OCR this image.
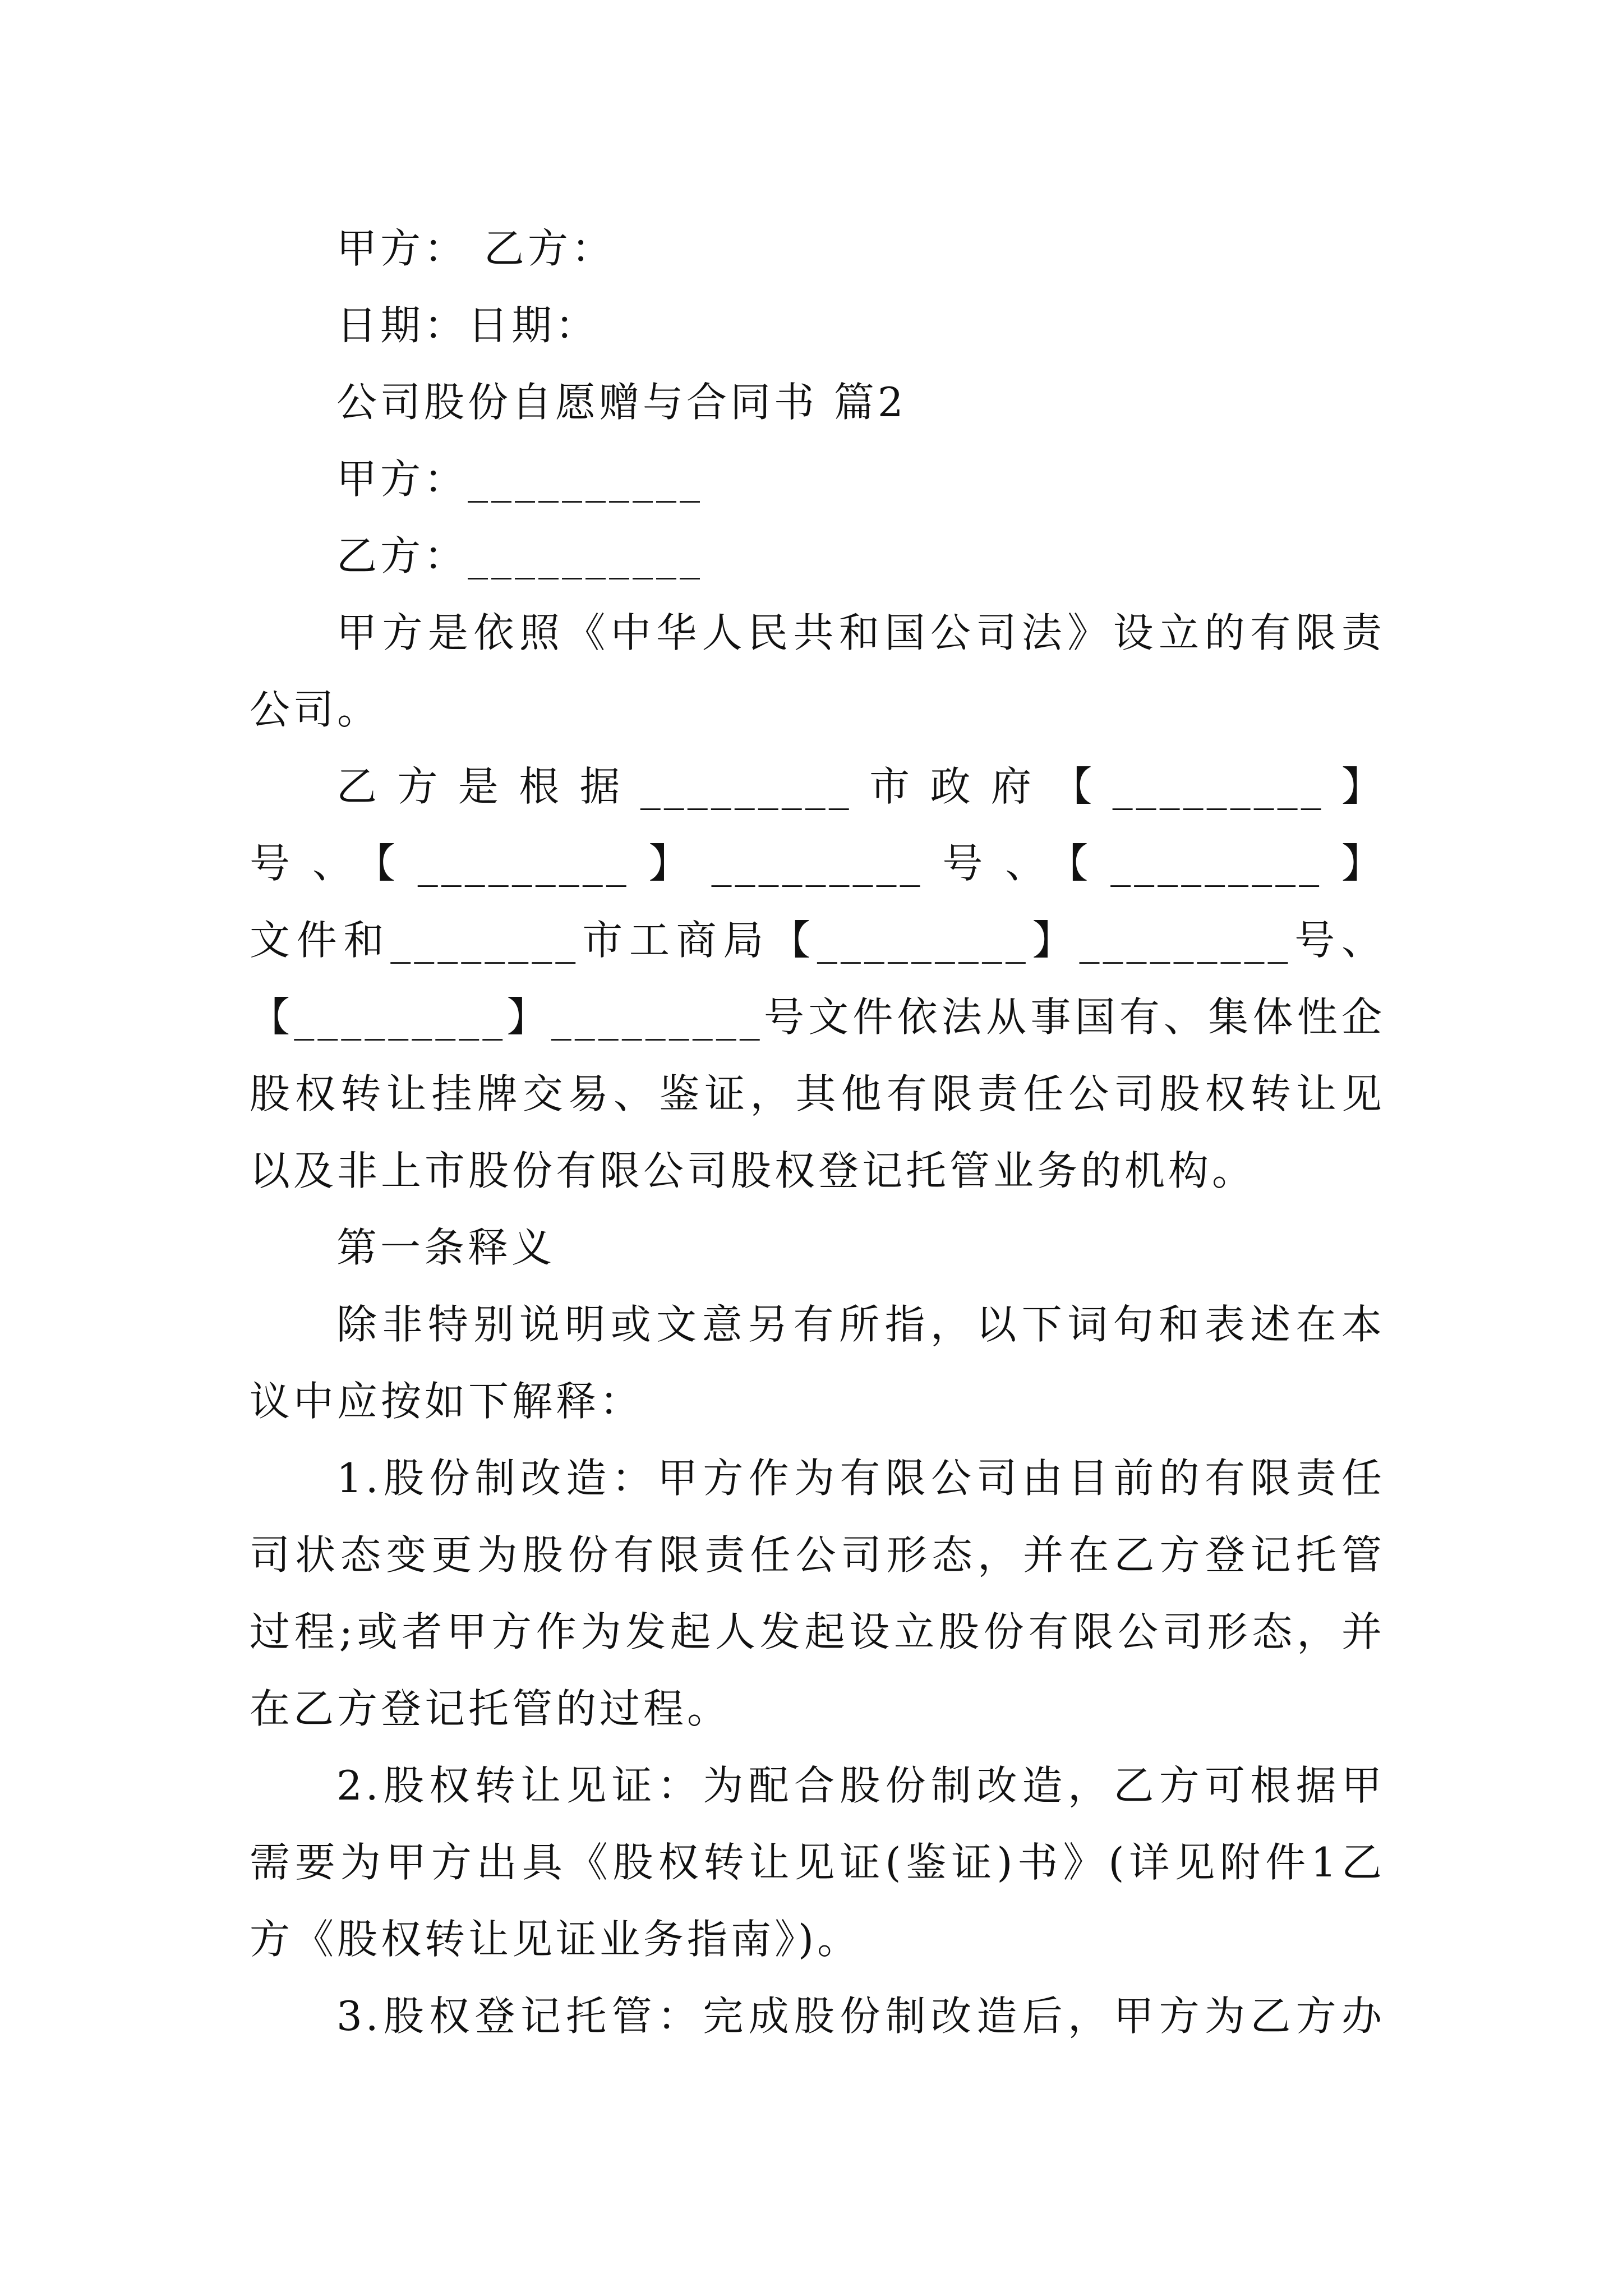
甲方： 乙方：
日期：日期：
公司股份自愿赠与合同书 篇2
甲方：__________
乙方：__________
甲方是依照《中华人民共和国公司法》设立的有限责
公司。
乙方是根据_________市政府【_________】
号、【_________】_________号、【_________】
文件和________市工商局【_________】_________号、
【_________】_________号文件依法从事国有、集体性企
股权转让挂牌交易、鉴证，其他有限责任公司股权转让见
以及非上市股份有限公司股权登记托管业务的机构。
第一条释义
除非特别说明或文意另有所指，以下词句和表述在本
议中应按如下解释：
1.股份制改造：甲方作为有限公司由目前的有限责任
司状态变更为股份有限责任公司形态，并在乙方登记托管
过程;或者甲方作为发起人发起设立股份有限公司形态，并
在乙方登记托管的过程。
2.股权转让见证：为配合股份制改造，乙方可根据甲
需要为甲方出具《股权转让见证(鉴证)书》(详见附件1乙
方《股权转让见证业务指南》)。
3.股权登记托管：完成股份制改造后，甲方为乙方办
